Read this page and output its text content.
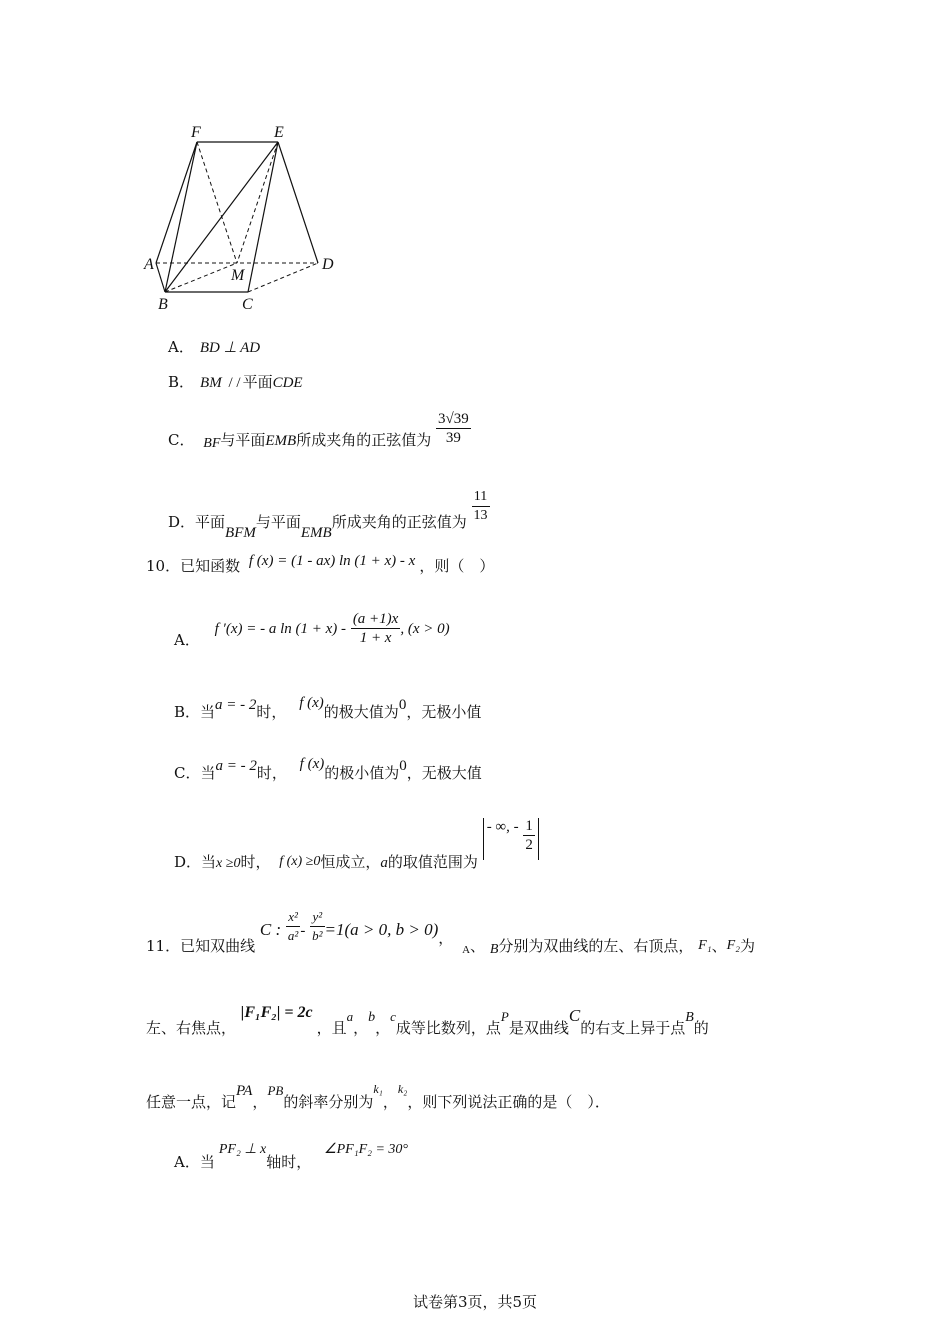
F	E
A
M
D
B	C
A． BD ⊥ AD
B． BM / / 平面CDE
C． BF与平面EMB所成夹角的正弦值为 $\frac{3√39}{39}$
D．平面BFM与平面EMB所成夹角的正弦值为 $\frac{11}{13}$
10．已知函数 f (x) = (1 - ax) ln (1 + x) - x ，则（　）
A． f ′(x) = - a $\ln (1 + x) - \frac{(a +1)x}{1 + x}$ , (x > 0)
B．当a = - 2时， f (x)的极大值为0，无极小值
C．当a = - 2时， f (x)的极小值为0，无极大值
D．当x ≥0时， f (x) ≥0恒成立，a的取值范围为 - ∞, - $\frac{1}{2}$
11．已知双曲线 C : $\frac{\text{x²}}{\text{a²}} - \frac{\text{y²}}{\text{b²}} =1(a > 0$, b > 0)， $_A$、 B分别为双曲线的左、右顶点， F₁、F₂为
左、右焦点， |F₁F₂| = 2c，且a，b，c成等比数列，点P是双曲线C的右支上异于点B的
任意一点，记PA，PB的斜率分别为k₁，k₂，则下列说法正确的是（　）．
A．当PF₂ ⊥ x轴时， ∠PF₁F₂ = 30°
试卷第3页，共5页
